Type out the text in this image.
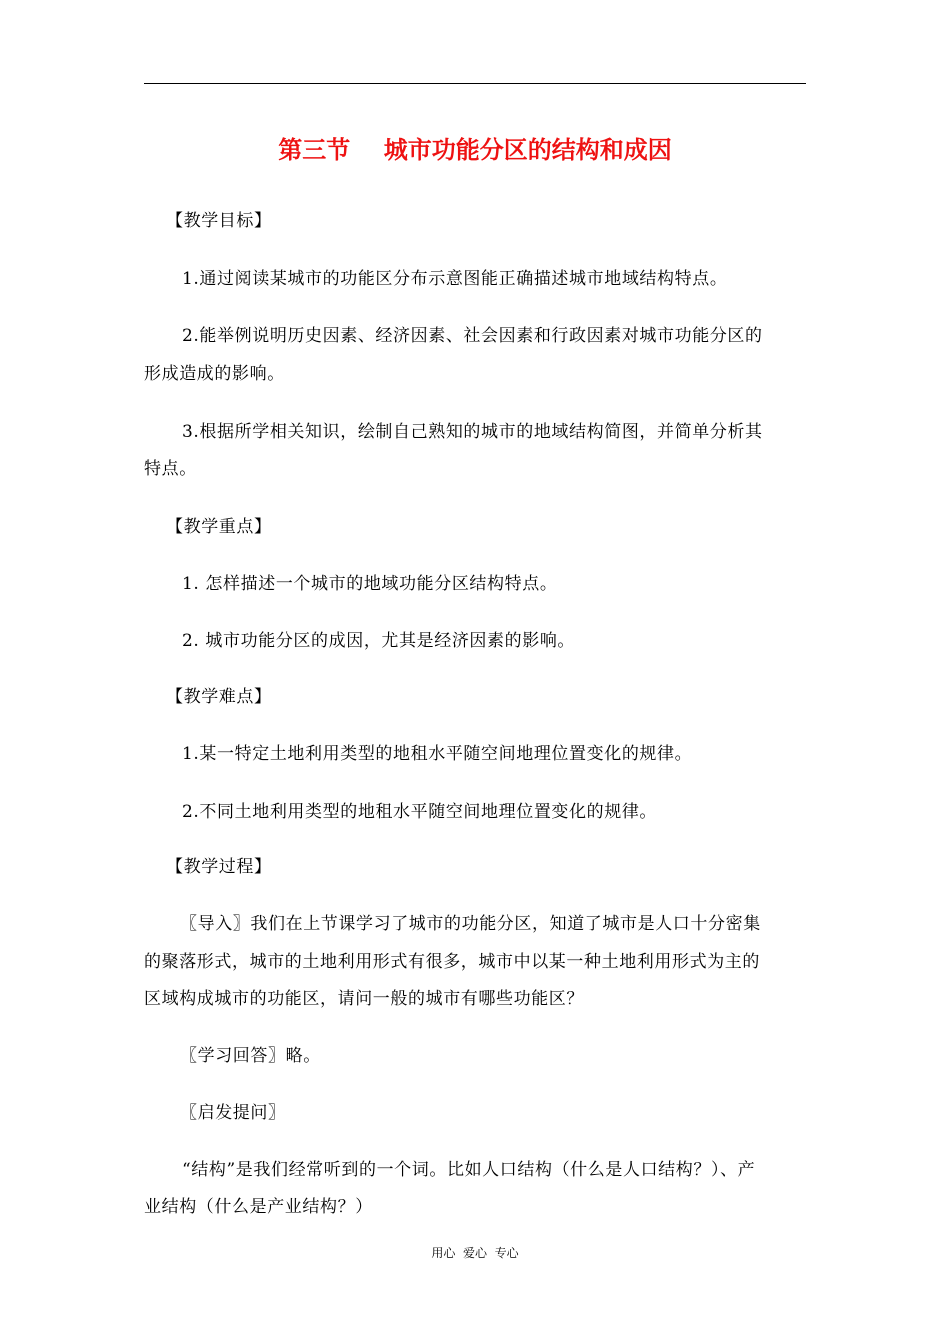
第三节    城市功能分区的结构和成因
【教学目标】
1.通过阅读某城市的功能区分布示意图能正确描述城市地域结构特点。
2.能举例说明历史因素、经济因素、社会因素和行政因素对城市功能分区的
形成造成的影响。
3.根据所学相关知识，绘制自己熟知的城市的地域结构简图，并简单分析其
特点。
【教学重点】
1. 怎样描述一个城市的地域功能分区结构特点。
2. 城市功能分区的成因，尤其是经济因素的影响。
【教学难点】
1.某一特定土地利用类型的地租水平随空间地理位置变化的规律。
2.不同土地利用类型的地租水平随空间地理位置变化的规律。
【教学过程】
〖导入〗我们在上节课学习了城市的功能分区，知道了城市是人口十分密集
的聚落形式，城市的土地利用形式有很多，城市中以某一种土地利用形式为主的
区域构成城市的功能区，请问一般的城市有哪些功能区？
〖学习回答〗略。
〖启发提问〗
“结构”是我们经常听到的一个词。比如人口结构（什么是人口结构？）、产
业结构（什么是产业结构？）
用心  爱心  专心
